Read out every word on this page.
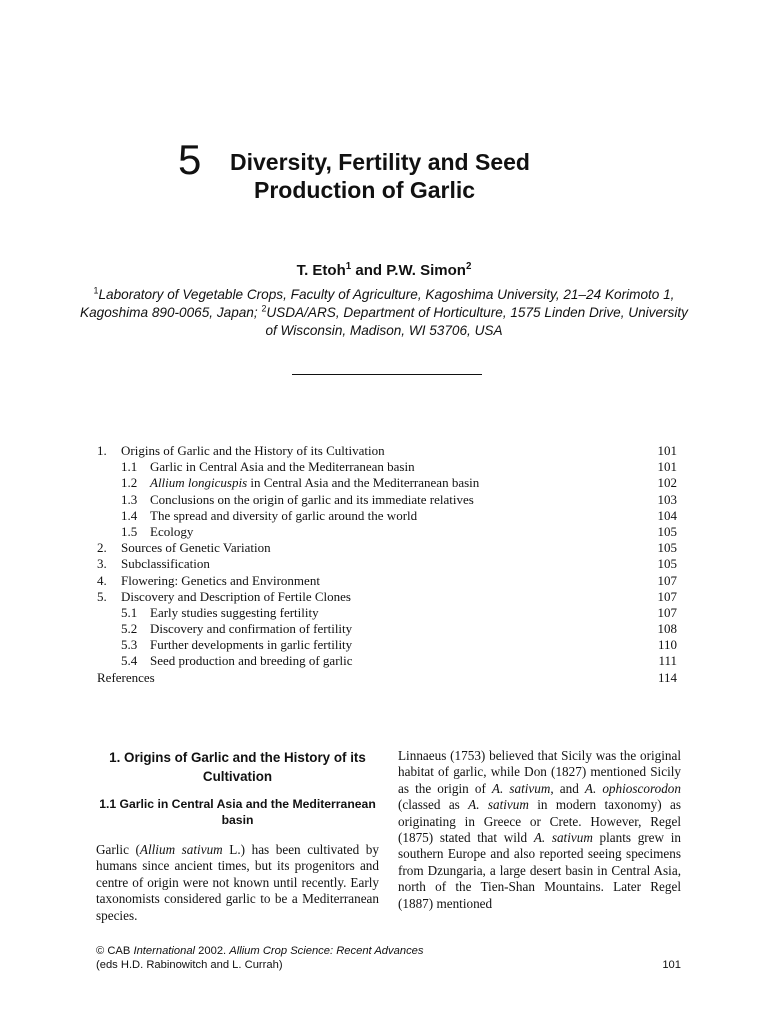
5 Diversity, Fertility and Seed
Production of Garlic
T. Etoh$^1$ and P.W. Simon$^2$
$^1$Laboratory of Vegetable Crops, Faculty of Agriculture, Kagoshima University, 21–24 Korimoto 1, Kagoshima 890-0065, Japan; $^2$USDA/ARS, Department of Horticulture, 1575 Linden Drive, University of Wisconsin, Madison, WI 53706, USA
1. Origins of Garlic and the History of its Cultivation	101
1.1 Garlic in Central Asia and the Mediterranean basin	101
1.2 Allium longicuspis in Central Asia and the Mediterranean basin	102
1.3 Conclusions on the origin of garlic and its immediate relatives	103
1.4 The spread and diversity of garlic around the world	104
1.5 Ecology	105
2. Sources of Genetic Variation	105
3. Subclassification	105
4. Flowering: Genetics and Environment	107
5. Discovery and Description of Fertile Clones	107
5.1 Early studies suggesting fertility	107
5.2 Discovery and confirmation of fertility	108
5.3 Further developments in garlic fertility	110
5.4 Seed production and breeding of garlic	111
References	114
1. Origins of Garlic and the History of its Cultivation
1.1 Garlic in Central Asia and the Mediterranean basin

Garlic (Allium sativum L.) has been cultivated by humans since ancient times, but its progenitors and centre of origin were not known until recently. Early taxonomists considered garlic to be a Mediterranean species.

Linnaeus (1753) believed that Sicily was the original habitat of garlic, while Don (1827) mentioned Sicily as the origin of A. sativum, and A. ophioscorodon (classed as A. sativum in modern taxonomy) as originating in Greece or Crete. However, Regel (1875) stated that wild A. sativum plants grew in southern Europe and also reported seeing specimens from Dzungaria, a large desert basin in Central Asia, north of the Tien-Shan Mountains. Later Regel (1887) mentioned

© CAB International 2002. Allium Crop Science: Recent Advances
(eds H.D. Rabinowitch and L. Currah)	101
